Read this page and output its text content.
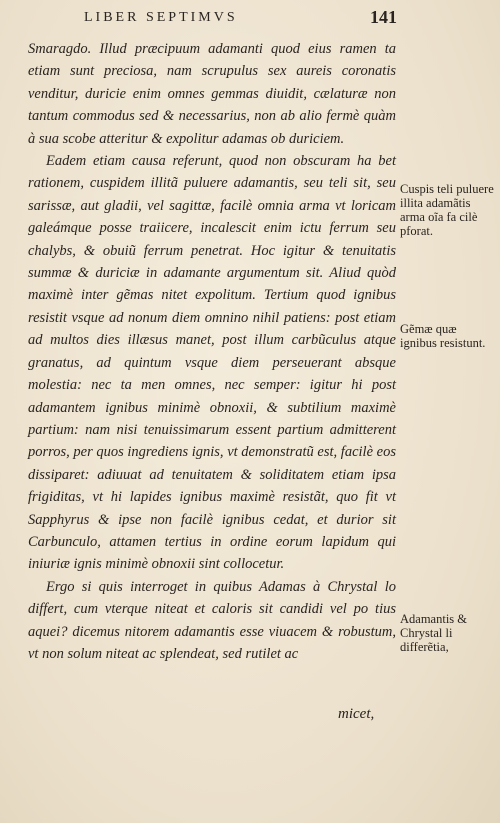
LIBER SEPTIMVS	141

Smaragdo. Illud præcipuum adamanti quod eius ramen ta etiam sunt preciosa, nam scrupulus sex aureis coronatis venditur, duricie enim omnes gemmas diuidit, cælaturæ non tantum commodus sed & necessarius, non ab alio fermè quàm à sua scobe atteritur & expolitur adamas ob duriciem.

Eadem etiam causa referunt, quod non obscuram ha bet rationem, cuspidem illitã puluere adamantis, seu teli sit, seu sarissæ, aut gladii, vel sagittæ, facilè omnia arma vt loricam galeámque posse traiicere, incalescit enim ictu ferrum seu chalybs, & obuiũ ferrum penetrat. Hoc igitur & tenuitatis summæ & duriciæ in adamante argumentum sit. Aliud quòd maximè inter gẽmas nitet expolitum. Tertium quod ignibus resistit vsque ad nonum diem omnino nihil patiens: post etiam ad multos dies illæsus manet, post illum carbũculus atque granatus, ad quintum vsque diem perseuerant absque molestia: nec ta men omnes, nec semper: igitur hi post adamantem ignibus minimè obnoxii, & subtilium maximè partium: nam nisi tenuissimarum essent partium admitterent porros, per quos ingrediens ignis, vt demonstratũ est, facilè eos dissiparet: adiuuat ad tenuitatem & soliditatem etiam ipsa frigiditas, vt hi lapides ignibus maximè resistãt, quo fit vt Sapphyrus & ipse non facilè ignibus cedat, et durior sit Carbunculo, attamen tertius in ordine eorum lapidum qui iniuriæ ignis minimè obnoxii sint collocetur.

Ergo si quis interroget in quibus Adamas à Chrystal lo differt, cum vterque niteat et caloris sit candidi vel po tius aquei? dicemus nitorem adamantis esse viuacem & robustum, vt non solum niteat ac splendeat, sed rutilet ac

micet,
Cuspis teli puluere illita adamãtis arma oĩa fa cilè pforat.
Gẽmæ quæ ignibus resistunt.
Adamantis & Chrystal li differẽtia,
